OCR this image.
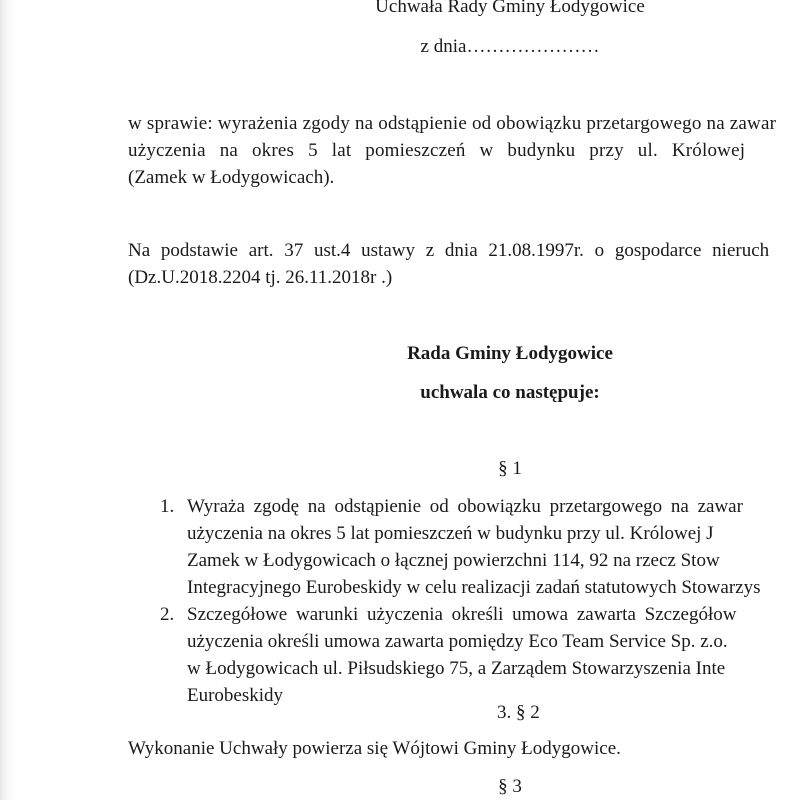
Uchwała Rady Gminy Łodygowice
z dnia…………………
w sprawie: wyrażenia zgody na odstąpienie od obowiązku przetargowego na zawar
użyczenia na okres 5 lat pomieszczeń w budynku przy ul. Królowej
(Zamek w Łodygowicach).
Na podstawie art. 37 ust.4 ustawy z dnia 21.08.1997r. o gospodarce nieruch
(Dz.U.2018.2204 tj. 26.11.2018r .)
Rada Gminy Łodygowice
uchwala co następuje:
§ 1
1. Wyraża zgodę na odstąpienie od obowiązku przetargowego na zawar
użyczenia na okres 5 lat pomieszczeń w budynku przy ul. Królowej J
Zamek w Łodygowicach o łącznej powierzchni 114, 92 na rzecz Stow
Integracyjnego Eurobeskidy w celu realizacji zadań statutowych Stowarzys
2. Szczegółowe warunki użyczenia określi umowa zawarta Szczegółow
użyczenia określi umowa zawarta pomiędzy Eco Team Service Sp. z.o.
w Łodygowicach ul. Piłsudskiego 75, a Zarządem Stowarzyszenia Inte
Eurobeskidy
3. § 2
Wykonanie Uchwały powierza się Wójtowi Gminy Łodygowice.
§ 3
